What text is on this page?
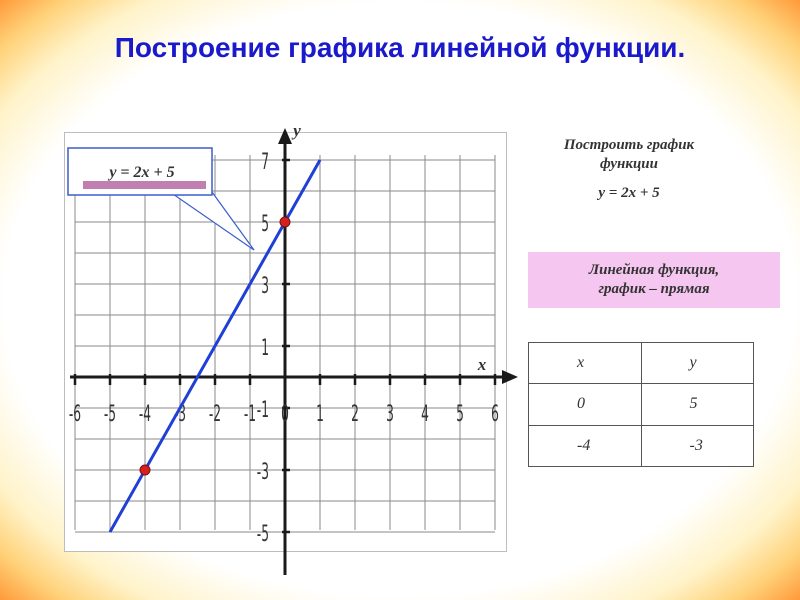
Построение графика линейной функции.
-6 -5 -4 -3 -2 -1 0 1 2 3 4 5 6
7
5
3
1
-1
-3
-5
x
y
y = 2x + 5
Построить график
функции
y = 2x + 5
Линейная функция,
график – прямая
x	y
0	5
-4	-3
